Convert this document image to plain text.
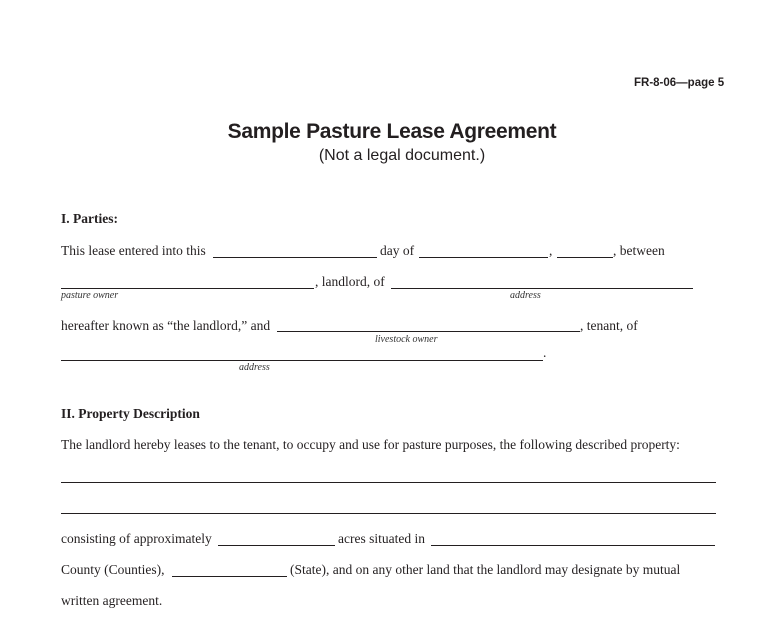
FR-8-06—page 5
Sample Pasture Lease Agreement
(Not a legal document.)
I. Parties:
This lease entered into this	day of	,	, between
, landlord, of
pasture owner	address
hereafter known as “the landlord,” and	, tenant, of
livestock owner
.
address
II. Property Description
The landlord hereby leases to the tenant, to occupy and use for pasture purposes, the following described property:
consisting of approximately	acres situated in
County (Counties),	(State), and on any other land that the landlord may designate by mutual
written agreement.
